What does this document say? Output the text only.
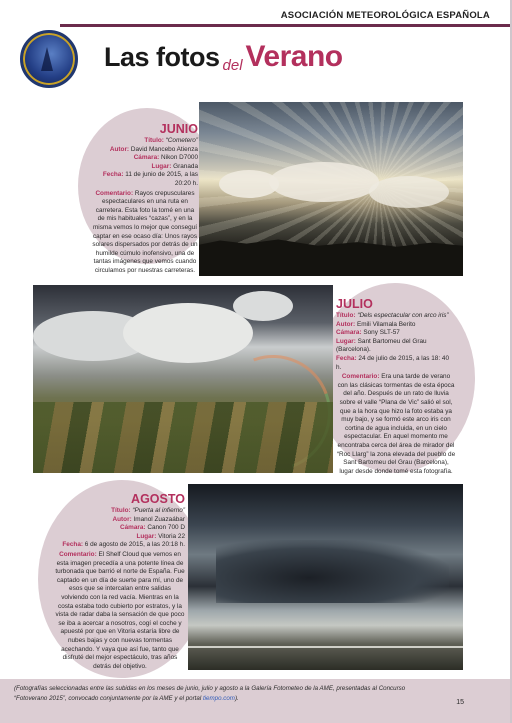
ASOCIACIÓN METEOROLÓGICA ESPAÑOLA
Las fotos del Verano
JUNIO
Título: “Cometero”
Autor: David Mancebo Atienza
Cámara: Nikon D7000
Lugar: Granada
Fecha: 11 de junio de 2015, a las 20:20 h.
Comentario: Rayos crepusculares espectaculares en una ruta en carretera. Esta foto la tomé en una de mis habituales “cazas”, y en la misma vemos lo mejor que conseguí captar en ese ocaso día: Unos rayos solares dispersados por detrás de un humilde cúmulo inofensivo, una de tantas imágenes que vemos cuando circulamos por nuestras carreteras.
JULIO
Título: “Dels espectacular con arco iris”
Autor: Emili Vilamala Berito
Cámara: Sony SLT-57
Lugar: Sant Bartomeu del Grau (Barcelona).
Fecha: 24 de julio de 2015, a las 18: 40 h.
Comentario: Era una tarde de verano con las clásicas tormentas de esta época del año. Después de un rato de lluvia sobre el valle “Plana de Vic” salió el sol, que a la hora que hizo la foto estaba ya muy bajo, y se formó este arco iris con cortina de agua incluida, en un cielo espectacular. En aquel momento me encontraba cerca del área de mirador del “Roc Llarg” la zona elevada del pueblo de Sant Bartomeu del Grau (Barcelona), lugar desde donde tomé esta fotografía.
AGOSTO
Título: “Puerta al infierno”
Autor: Imanol Zuazaábar
Cámara: Canon 700 D
Lugar: Vitoria 22
Fecha: 6 de agosto de 2015, a las 20:18 h.
Comentario: El Shelf Cloud que vemos en esta imagen precedía a una potente línea de turbonada que barrió el norte de España. Fue captado en un día de suerte para mí, uno de esos que se intercalan entre salidas volviendo con la red vacía. Mientras en la costa estaba todo cubierto por estratos, y la vista de radar daba la sensación de que poco se iba a acercar a nosotros, cogí el coche y apuesté por que en Vitoria estaría libre de nubes bajas y con nuevas tormentas acechando. Y vaya que así fue, tanto que disfruté del mejor espectáculo, tras años detrás del objetivo.
(Fotografías seleccionadas entre las subidas en los meses de junio, julio y agosto a la Galería Fotometeo de la AME, presentadas al Concurso “Fotoverano 2015”, convocado conjuntamente por la AME y el portal tiempo.com).
15
